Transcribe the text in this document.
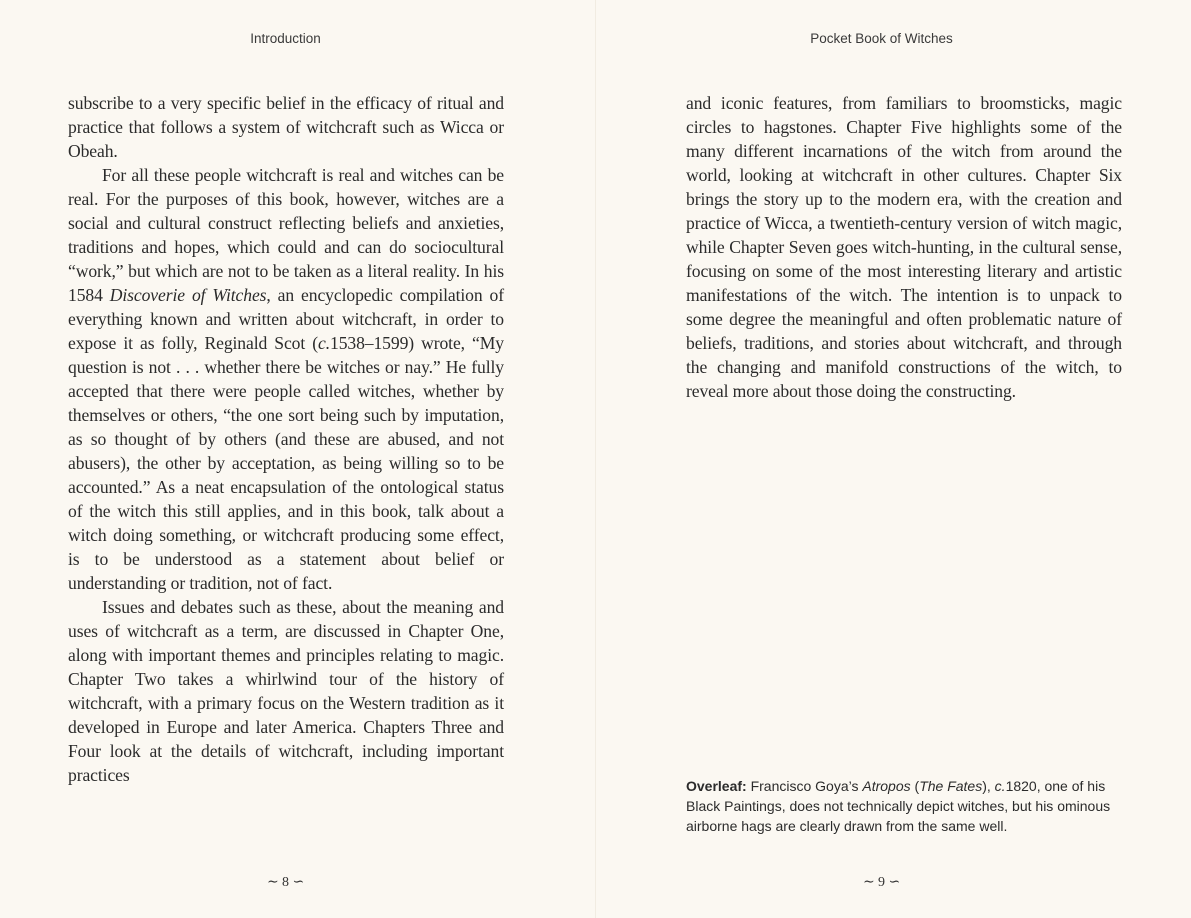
Introduction

subscribe to a very specific belief in the efficacy of ritual and practice that follows a system of witchcraft such as Wicca or Obeah.

For all these people witchcraft is real and witches can be real. For the purposes of this book, however, witches are a social and cultural construct reflecting beliefs and anxieties, traditions and hopes, which could and can do sociocultural “work,” but which are not to be taken as a literal reality. In his 1584 Discoverie of Witches, an encyclopedic compilation of everything known and written about witchcraft, in order to expose it as folly, Reginald Scot (c.1538–1599) wrote, “My question is not . . . whether there be witches or nay.” He fully accepted that there were people called witches, whether by themselves or others, “the one sort being such by imputation, as so thought of by others (and these are abused, and not abusers), the other by acceptation, as being willing so to be accounted.” As a neat encapsulation of the ontological status of the witch this still applies, and in this book, talk about a witch doing something, or witchcraft producing some effect, is to be understood as a statement about belief or understanding or tradition, not of fact.

Issues and debates such as these, about the meaning and uses of witchcraft as a term, are discussed in Chapter One, along with important themes and principles relating to magic. Chapter Two takes a whirlwind tour of the history of witchcraft, with a primary focus on the Western tradition as it developed in Europe and later America. Chapters Three and Four look at the details of witchcraft, including important practices

∽ 8 ∽
Pocket Book of Witches

and iconic features, from familiars to broomsticks, magic circles to hagstones. Chapter Five highlights some of the many different incarnations of the witch from around the world, looking at witchcraft in other cultures. Chapter Six brings the story up to the modern era, with the creation and practice of Wicca, a twentieth-century version of witch magic, while Chapter Seven goes witch-hunting, in the cultural sense, focusing on some of the most interesting literary and artistic manifestations of the witch. The intention is to unpack to some degree the meaningful and often problematic nature of beliefs, traditions, and stories about witchcraft, and through the changing and manifold constructions of the witch, to reveal more about those doing the constructing.

Overleaf: Francisco Goya’s Atropos (The Fates), c.1820, one of his Black Paintings, does not technically depict witches, but his ominous airborne hags are clearly drawn from the same well.
∽ 9 ∽
